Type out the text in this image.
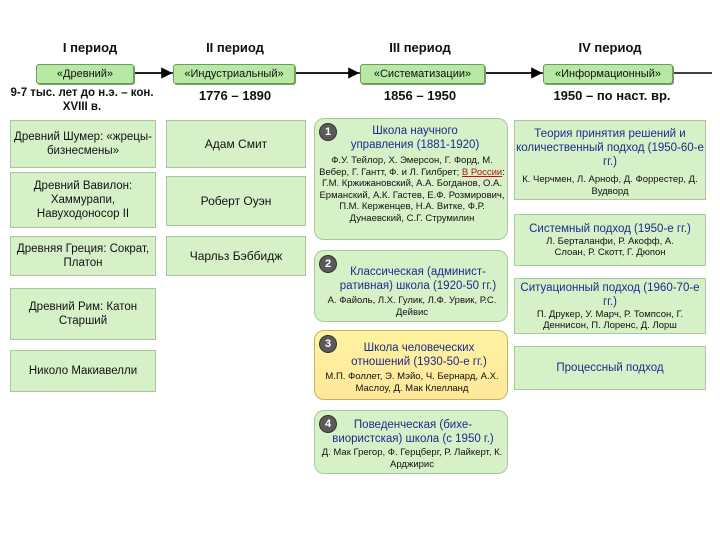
I период	II период	III период	IV период
«Древний»	«Индустриальный»	«Систематизации»	«Информационный»
9-7 тыс. лет до н.э. – кон. XVIII в.
1776 – 1890	1856 – 1950	1950 – по наст. вр.
Древний Шумер: «жрецы-бизнесмены»
Древний Вавилон: Хаммурапи, Навуходоносор II
Древняя Греция: Сократ, Платон
Древний Рим: Катон Старший
Николо Макиавелли
Адам Смит
Роберт Оуэн
Чарльз Бэббидж
1	Школа научного управления (1881-1920)
Ф.У. Тейлор, Х. Эмерсон, Г. Форд, М. Вебер, Г. Гантт, Ф. и Л. Гилбрет; В России: Г.М. Кржижановский, А.А. Богданов, О.А. Ерманский, А.К. Гастев, Е.Ф. Розмирович, П.М. Керженцев, Н.А. Витке, Ф.Р. Дунаевский, С.Г. Струмилин
2
Классическая (админист-ративная) школа (1920-50 гг.)
А. Файоль, Л.Х. Гулик, Л.Ф. Урвик, Р.С. Дейвис
3	Школа человеческих отношений (1930-50-е гг.)
М.П. Фоллет, Э. Мэйо, Ч. Бернард, А.Х. Маслоу, Д. Мак Клелланд
4	Поведенческая (бихе-виористская) школа (с 1950 г.)
Д. Мак Грегор, Ф. Герцберг, Р. Лайкерт, К. Арджирис
Теория принятия решений и количественный подход (1950-60-е гг.)
К. Черчмен, Л. Арноф, Д. Форрестер, Д. Вудворд
Системный подход (1950-е гг.)
Л. Берталанфи, Р. Акофф, А. Слоан, Р. Скотт, Г. Дюпон
Ситуационный подход (1960-70-е гг.)
П. Друкер, У. Марч, Р. Томпсон, Г. Деннисон, П. Лоренс, Д. Лорш
Процессный подход
